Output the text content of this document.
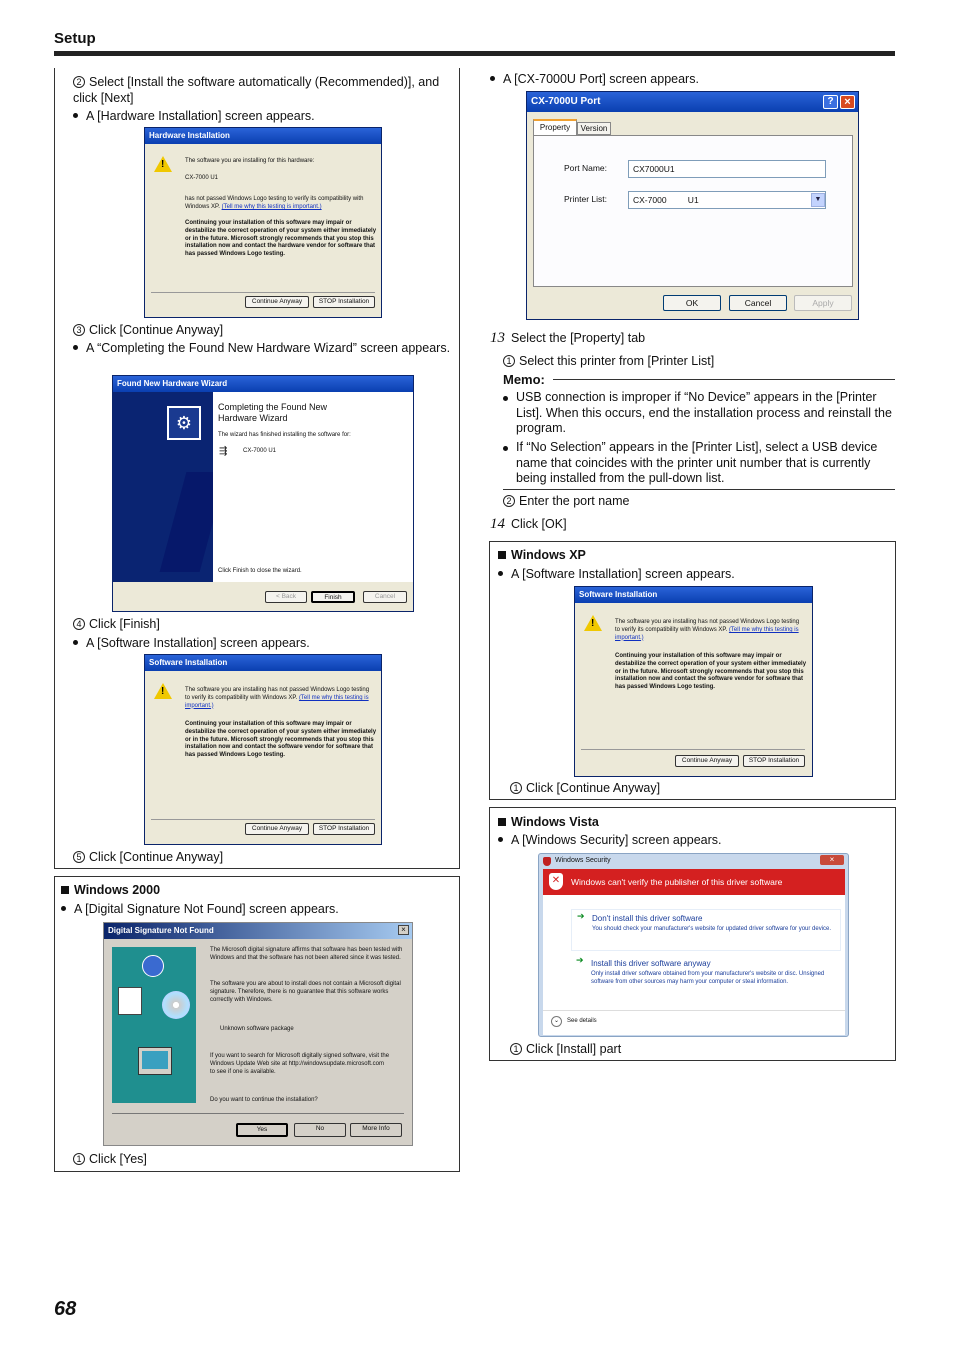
Setup
2 Select [Install the software automatically (Recommended)], and click [Next]
A [Hardware Installation] screen appears.
Hardware Installation
!
The software you are installing for this hardware:
CX-7000 U1
has not passed Windows Logo testing to verify its compatibility with Windows XP. (Tell me why this testing is important.)
Continuing your installation of this software may impair or destabilize the correct operation of your system either immediately or in the future. Microsoft strongly recommends that you stop this installation now and contact the hardware vendor for software that has passed Windows Logo testing.
Continue Anyway	STOP Installation
3 Click [Continue Anyway]
A “Completing the Found New Hardware Wizard” screen appears.
Found New Hardware Wizard
⚙
Completing the Found New Hardware Wizard
The wizard has finished installing the software for:
⇶	CX-7000 U1
Click Finish to close the wizard.
< Back	Finish	Cancel
4 Click [Finish]
A [Software Installation] screen appears.
Software Installation
!
The software you are installing has not passed Windows Logo testing to verify its compatibility with Windows XP. (Tell me why this testing is important.)
Continuing your installation of this software may impair or destabilize the correct operation of your system either immediately or in the future. Microsoft strongly recommends that you stop this installation now and contact the software vendor for software that has passed Windows Logo testing.
Continue Anyway	STOP Installation
5 Click [Continue Anyway]
Windows 2000
A [Digital Signature Not Found] screen appears.
Digital Signature Not Found	×
The Microsoft digital signature affirms that software has been tested with Windows and that the software has not been altered since it was tested.
The software you are about to install does not contain a Microsoft digital signature. Therefore, there is no guarantee that this software works correctly with Windows.
Unknown software package
If you want to search for Microsoft digitally signed software, visit the Windows Update Web site at http://windowsupdate.microsoft.com to see if one is available.
Do you want to continue the installation?
Yes	No	More Info
1 Click [Yes]
A [CX-7000U Port] screen appears.
CX-7000U Port	? ×
Property	Version
Port Name:	CX7000U1
Printer List:	CX-7000         U1	▼
OK	Cancel	Apply
13 Select the [Property] tab
1 Select this printer from [Printer List]
Memo:
USB connection is improper if “No Device” appears in the [Printer List]. When this occurs, end the installation process and reinstall the program.
If “No Selection” appears in the [Printer List], select a USB device name that coincides with the printer unit number that is currently being installed from the pull-down list.
2 Enter the port name
14 Click [OK]
Windows XP
A [Software Installation] screen appears.
Software Installation
!
The software you are installing has not passed Windows Logo testing to verify its compatibility with Windows XP. (Tell me why this testing is important.)
Continuing your installation of this software may impair or destabilize the correct operation of your system either immediately or in the future. Microsoft strongly recommends that you stop this installation now and contact the software vendor for software that has passed Windows Logo testing.
Continue Anyway	STOP Installation
1 Click [Continue Anyway]
Windows Vista
A [Windows Security] screen appears.
Windows Security	×
✕	Windows can't verify the publisher of this driver software
➔ Don't install this driver software
You should check your manufacturer's website for updated driver software for your device.
➔ Install this driver software anyway
Only install driver software obtained from your manufacturer's website or disc. Unsigned software from other sources may harm your computer or steal information.
⌄	See details
1 Click [Install] part
68
